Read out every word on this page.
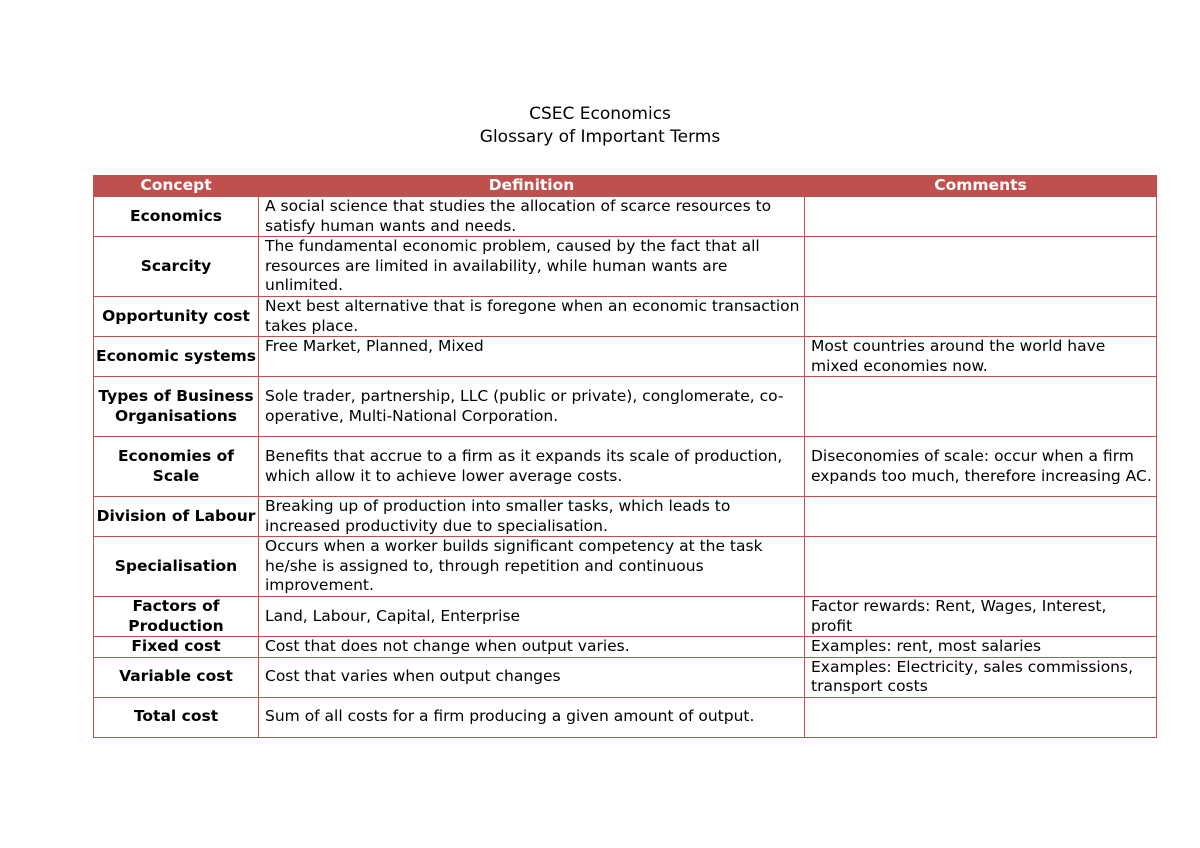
CSEC Economics
Glossary of Important Terms
Concept	Definition	Comments
Economics	A social science that studies the allocation of scarce resources to satisfy human wants and needs.	
Scarcity	The fundamental economic problem, caused by the fact that all resources are limited in availability, while human wants are unlimited.	
Opportunity cost	Next best alternative that is foregone when an economic transaction takes place.	
Economic systems	Free Market, Planned, Mixed	Most countries around the world have mixed economies now.
Types of Business Organisations	Sole trader, partnership, LLC (public or private), conglomerate, co-operative, Multi-National Corporation.	
Economies of Scale	Benefits that accrue to a firm as it expands its scale of production, which allow it to achieve lower average costs.	Diseconomies of scale: occur when a firm expands too much, therefore increasing AC.
Division of Labour	Breaking up of production into smaller tasks, which leads to increased productivity due to specialisation.	
Specialisation	Occurs when a worker builds significant competency at the task he/she is assigned to, through repetition and continuous improvement.	
Factors of Production	Land, Labour, Capital, Enterprise	Factor rewards: Rent, Wages, Interest, profit
Fixed cost	Cost that does not change when output varies.	Examples: rent, most salaries
Variable cost	Cost that varies when output changes	Examples: Electricity, sales commissions, transport costs
Total cost	Sum of all costs for a firm producing a given amount of output.	
